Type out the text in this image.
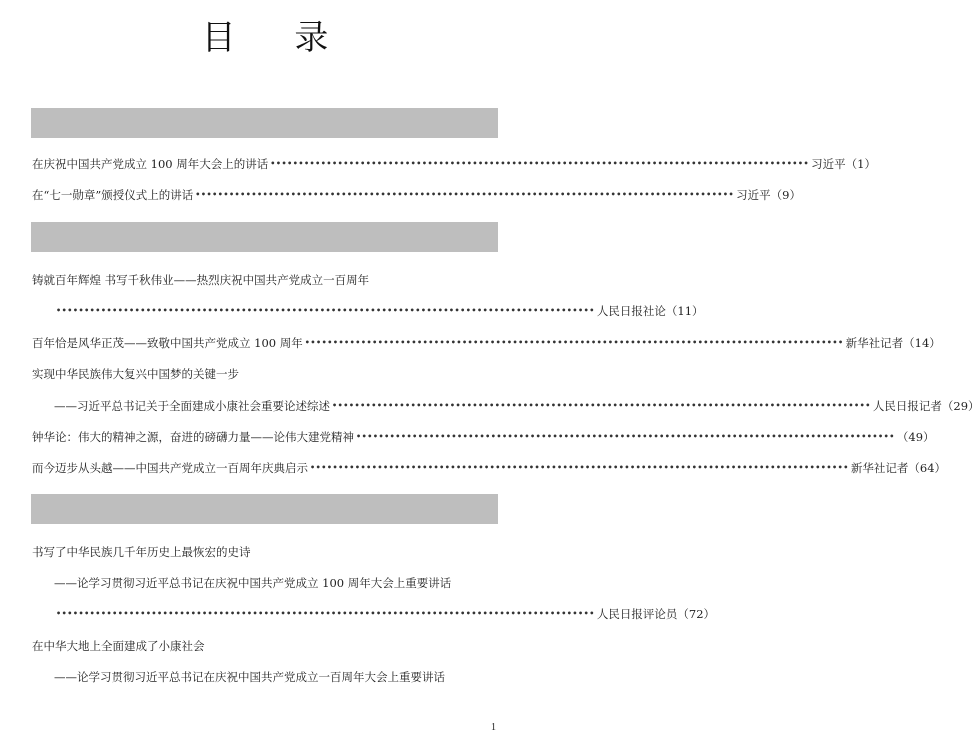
目 录
在庆祝中国共产党成立 100 周年大会上的讲话 •••••••••••••••••••••••••••••••••••••••••••••••••••••••••••••••••••••••••••••••••••••••••••••••• 习近平 （1）
在“七一勋章”颁授仪式上的讲话 •••••••••••••••••••••••••••••••••••••••••••••••••••••••••••••••••••••••••••••••••••••••••••••••• 习近平 （9）
铸就百年辉煌 书写千秋伟业——热烈庆祝中国共产党成立一百周年
•••••••••••••••••••••••••••••••••••••••••••••••••••••••••••••••••••••••••••••••••••••••••••••••• 人民日报社论 （11）
百年恰是风华正茂——致敬中国共产党成立 100 周年 •••••••••••••••••••••••••••••••••••••••••••••••••••••••••••••••••••••••••••••••••••••••••••••••• 新华社记者 （14）
实现中华民族伟大复兴中国梦的关键一步
——习近平总书记关于全面建成小康社会重要论述综述 •••••••••••••••••••••••••••••••••••••••••••••••••••••••••••••••••••••••••••••••••••••••••••••••• 人民日报记者 （29）
钟华论：伟大的精神之源，奋进的磅礴力量——论伟大建党精神 •••••••••••••••••••••••••••••••••••••••••••••••••••••••••••••••••••••••••••••••••••••••••••••••• （49）
而今迈步从头越——中国共产党成立一百周年庆典启示 •••••••••••••••••••••••••••••••••••••••••••••••••••••••••••••••••••••••••••••••••••••••••••••••• 新华社记者 （64）
书写了中华民族几千年历史上最恢宏的史诗
——论学习贯彻习近平总书记在庆祝中国共产党成立 100 周年大会上重要讲话
•••••••••••••••••••••••••••••••••••••••••••••••••••••••••••••••••••••••••••••••••••••••••••••••• 人民日报评论员 （72）
在中华大地上全面建成了小康社会
——论学习贯彻习近平总书记在庆祝中国共产党成立一百周年大会上重要讲话
1
